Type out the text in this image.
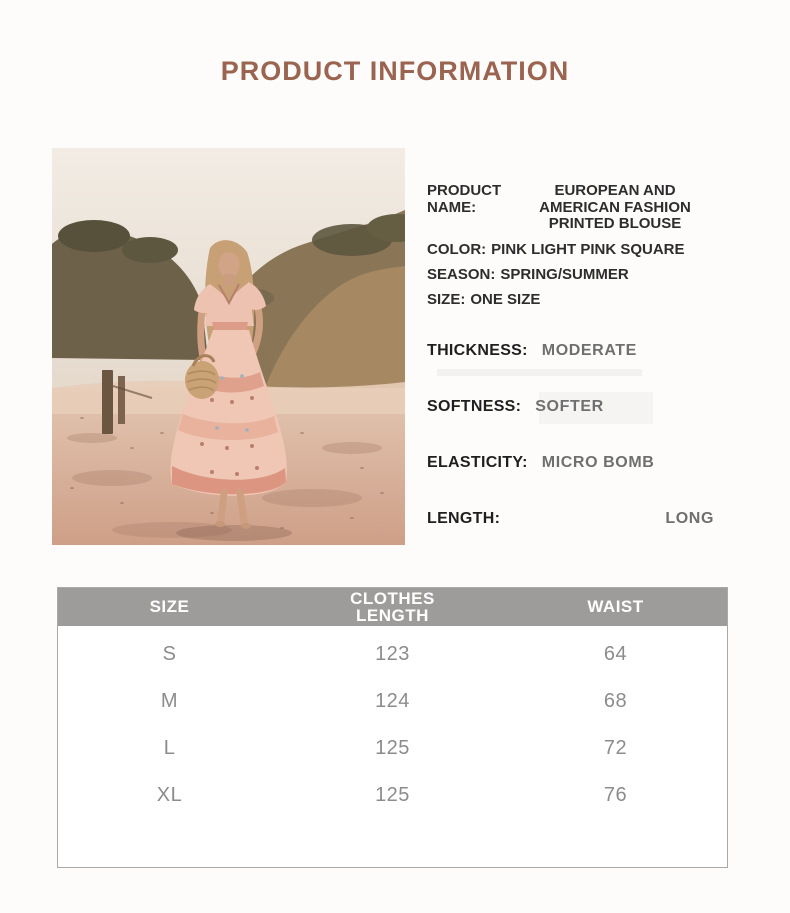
PRODUCT INFORMATION
PRODUCT NAME:
EUROPEAN AND AMERICAN FASHION PRINTED BLOUSE
COLOR: PINK LIGHT PINK SQUARE
SEASON: SPRING/SUMMER
SIZE: ONE SIZE
THICKNESS: MODERATE
SOFTNESS: SOFTER
ELASTICITY: MICRO BOMB
LENGTH:	LONG
SIZE	CLOTHES LENGTH	WAIST
S	123	64
M	124	68
L	125	72
XL	125	76
